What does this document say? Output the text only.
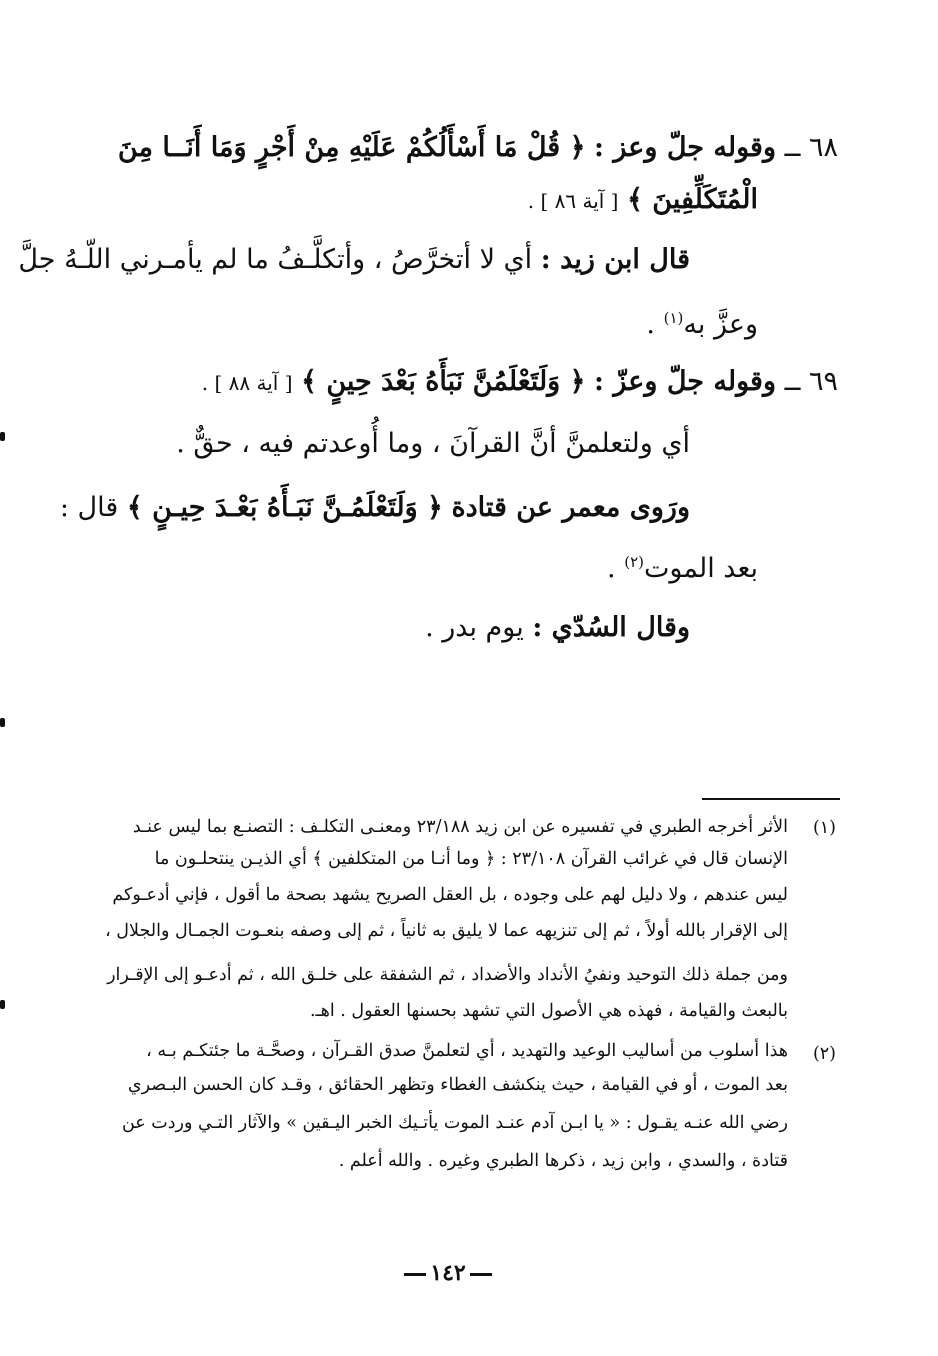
٦٨ ــ وقوله جلّ وعز : ﴿ قُلْ مَا أَسْأَلُكُمْ عَلَيْهِ مِنْ أَجْرٍ وَمَا أَنَــا مِنَ
الْمُتَكَلِّفِينَ ﴾ [ آية ٨٦ ] .
قال ابن زيد : أي لا أتخرَّصُ ، وأتكلَّـفُ ما لم يأمـرني اللّـهُ جلَّ
وعزَّ به$^{(١)}$ .
٦٩ ــ وقوله جلّ وعزّ : ﴿ وَلَتَعْلَمُنَّ نَبَأَهُ بَعْدَ حِينٍ ﴾ [ آية ٨٨ ] .
أي ولتعلمنَّ أنَّ القرآنَ ، وما أُوعدتم فيه ، حقٌّ .
ورَوى معمر عن قتادة ﴿ وَلَتَعْلَمُـنَّ نَبَـأَهُ بَعْـدَ حِيـنٍ ﴾ قال :
بعد الموت$^{(٢)}$ .
وقال السُدّي : يوم بدر .
(١)
الأثر أخرجه الطبري في تفسيره عن ابن زيد ٢٣/١٨٨ ومعنـى التكلـف : التصنـع بما ليس عنـد
الإنسان قال في غرائب القرآن ٢٣/١٠٨ : ﴿ وما أنـا من المتكلفين ﴾ أي الذيـن ينتحلـون ما
ليس عندهم ، ولا دليل لهم على وجوده ، بل العقل الصريح يشهد بصحة ما أقول ، فإني أدعـوكم
إلى الإقرار بالله أولاً ، ثم إلى تنزيهه عما لا يليق به ثانياً ، ثم إلى وصفه بنعـوت الجمـال والجلال ،
ومن جملة ذلك التوحيد ونفيُ الأنداد والأضداد ، ثم الشفقة على خلـق الله ، ثم أدعـو إلى الإقـرار
بالبعث والقيامة ، فهذه هي الأصول التي تشهد بحسنها العقول . اهـ.
(٢)
هذا أسلوب من أساليب الوعيد والتهديد ، أي لتعلمنَّ صدق القـرآن ، وصحَّـة ما جئتكـم بـه ،
بعد الموت ، أو في القيامة ، حيث ينكشف الغطاء وتظهر الحقائق ، وقـد كان الحسن البـصري
رضي الله عنـه يقـول : « يا ابـن آدم عنـد الموت يأتـيك الخبر اليـقين » والآثار التـي وردت عن
قتادة ، والسدي ، وابن زيد ، ذكرها الطبري وغيره . والله أعلم .
١٤٢
